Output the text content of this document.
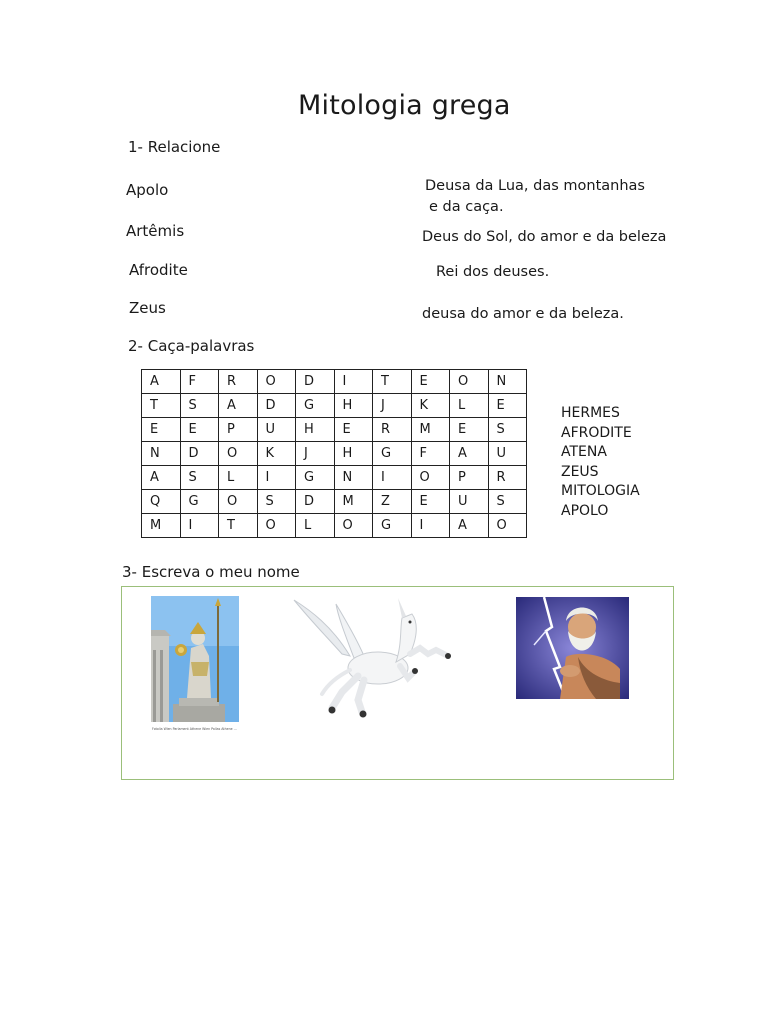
Mitologia grega
1- Relacione
Apolo
Artêmis
Afrodite
Zeus
Deusa da Lua, das montanhas
e da caça.
Deus do Sol, do amor e da beleza
Rei dos deuses.
deusa do amor e da beleza.
2- Caça-palavras
A	F	R	O	D	I	T	E	O	N
T	S	A	D	G	H	J	K	L	E
E	E	P	U	H	E	R	M	E	S
N	D	O	K	J	H	G	F	A	U
A	S	L	I	G	N	I	O	P	R
Q	G	O	S	D	M	Z	E	U	S
M	I	T	O	L	O	G	I	A	O
HERMES
AFRODITE
ATENA
ZEUS
MITOLOGIA
APOLO
3- Escreva o meu nome
Fotolia Wien Parlament Athene Wien Pallas Athene ...
